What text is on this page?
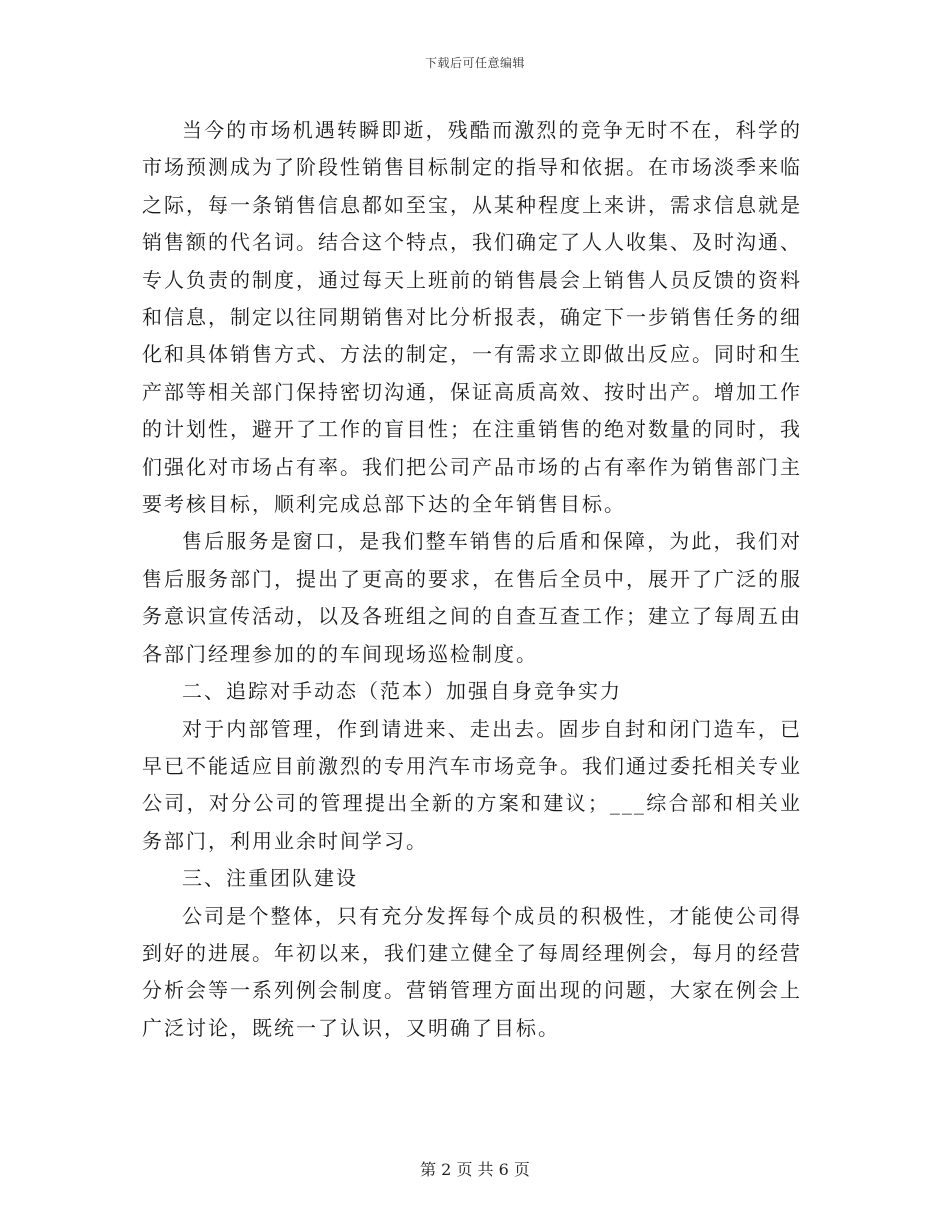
下载后可任意编辑

当今的市场机遇转瞬即逝，残酷而激烈的竞争无时不在，科学的市场预测成为了阶段性销售目标制定的指导和依据。在市场淡季来临之际，每一条销售信息都如至宝，从某种程度上来讲，需求信息就是销售额的代名词。结合这个特点，我们确定了人人收集、及时沟通、专人负责的制度，通过每天上班前的销售晨会上销售人员反馈的资料和信息，制定以往同期销售对比分析报表，确定下一步销售任务的细化和具体销售方式、方法的制定，一有需求立即做出反应。同时和生产部等相关部门保持密切沟通，保证高质高效、按时出产。增加工作的计划性，避开了工作的盲目性；在注重销售的绝对数量的同时，我们强化对市场占有率。我们把公司产品市场的占有率作为销售部门主要考核目标，顺利完成总部下达的全年销售目标。

售后服务是窗口，是我们整车销售的后盾和保障，为此，我们对售后服务部门，提出了更高的要求，在售后全员中，展开了广泛的服务意识宣传活动，以及各班组之间的自查互查工作；建立了每周五由各部门经理参加的的车间现场巡检制度。

二、追踪对手动态（范本）加强自身竞争实力

对于内部管理，作到请进来、走出去。固步自封和闭门造车，已早已不能适应目前激烈的专用汽车市场竞争。我们通过委托相关专业公司，对分公司的管理提出全新的方案和建议；___综合部和相关业务部门，利用业余时间学习。

三、注重团队建设

公司是个整体，只有充分发挥每个成员的积极性，才能使公司得到好的进展。年初以来，我们建立健全了每周经理例会，每月的经营分析会等一系列例会制度。营销管理方面出现的问题，大家在例会上广泛讨论，既统一了认识，又明确了目标。

第 2 页 共 6 页
